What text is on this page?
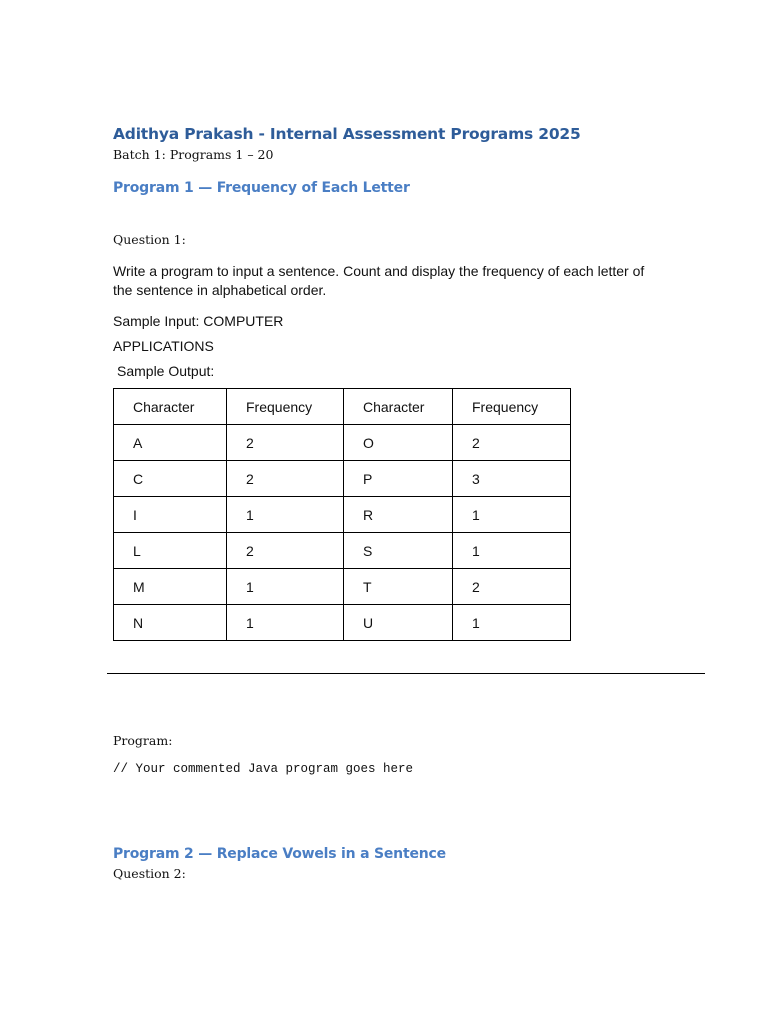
Adithya Prakash - Internal Assessment Programs 2025
Batch 1: Programs 1 – 20
Program 1 — Frequency of Each Letter
Question 1:
Write a program to input a sentence. Count and display the frequency of each letter of the sentence in alphabetical order.
Sample Input: COMPUTER
APPLICATIONS
Sample Output:
Character	Frequency	Character	Frequency
A	2	O	2
C	2	P	3
I	1	R	1
L	2	S	1
M	1	T	2
N	1	U	1
Program:
// Your commented Java program goes here
Program 2 — Replace Vowels in a Sentence
Question 2:
